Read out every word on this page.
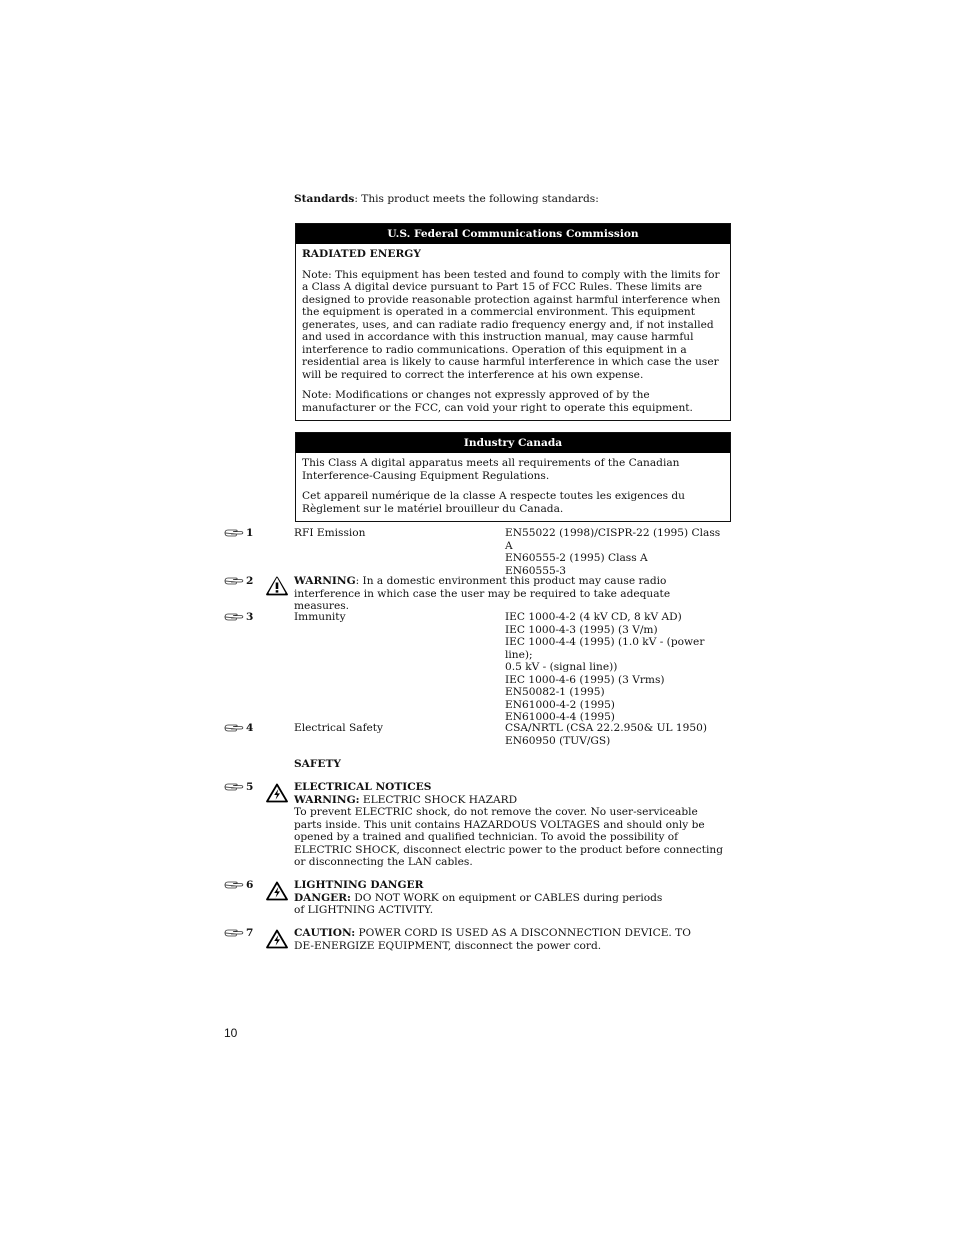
Standards: This product meets the following standards:
U.S. Federal Communications Commission
RADIATED ENERGY

Note: This equipment has been tested and found to comply with the limits for a Class A digital device pursuant to Part 15 of FCC Rules. These limits are designed to provide reasonable protection against harmful interference when the equipment is operated in a commercial environment. This equipment generates, uses, and can radiate radio frequency energy and, if not installed and used in accordance with this instruction manual, may cause harmful interference to radio communications. Operation of this equipment in a residential area is likely to cause harmful interference in which case the user will be required to correct the interference at his own expense.

Note: Modifications or changes not expressly approved of by the manufacturer or the FCC, can void your right to operate this equipment.

Industry Canada

This Class A digital apparatus meets all requirements of the Canadian Interference-Causing Equipment Regulations.

Cet appareil numérique de la classe A respecte toutes les exigences du Règlement sur le matériel brouilleur du Canada.

1	RFI Emission	EN55022 (1998)/CISPR-22 (1995) Class A
EN60555-2 (1995) Class A
EN60555-3
2	WARNING: In a domestic environment this product may cause radio interference in which case the user may be required to take adequate measures.
3	Immunity	IEC 1000-4-2 (4 kV CD, 8 kV AD)
IEC 1000-4-3 (1995) (3 V/m)
IEC 1000-4-4 (1995) (1.0 kV - (power line);
0.5 kV - (signal line))
IEC 1000-4-6 (1995) (3 Vrms)
EN50082-1 (1995)
EN61000-4-2 (1995)
EN61000-4-4 (1995)
4	Electrical Safety	CSA/NRTL (CSA 22.2.950& UL 1950)
EN60950 (TUV/GS)
SAFETY
5	ELECTRICAL NOTICES
WARNING: ELECTRIC SHOCK HAZARD
To prevent ELECTRIC shock, do not remove the cover. No user-serviceable parts inside. This unit contains HAZARDOUS VOLTAGES and should only be opened by a trained and qualified technician. To avoid the possibility of ELECTRIC SHOCK, disconnect electric power to the product before connecting or disconnecting the LAN cables.
6	LIGHTNING DANGER
DANGER: DO NOT WORK on equipment or CABLES during periods of LIGHTNING ACTIVITY.
7	CAUTION: POWER CORD IS USED AS A DISCONNECTION DEVICE. TO DE-ENERGIZE EQUIPMENT, disconnect the power cord.
10
